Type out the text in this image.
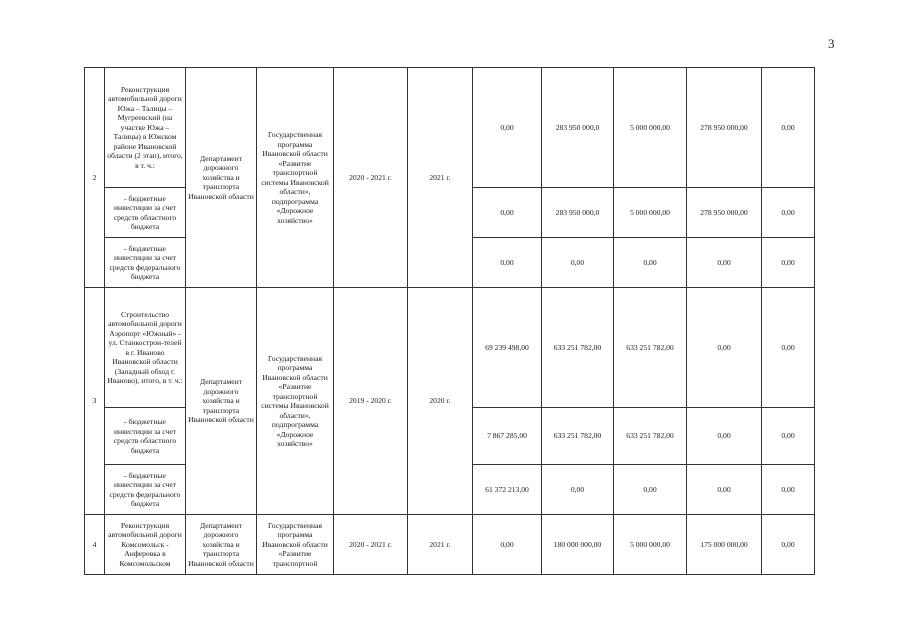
3
2	Реконструкция автомобильной дороги Южа – Талицы – Мугреевский (на участке Южа – Талицы) в Южском районе Ивановской области (2 этап), итого, в т. ч.:	Департамент дорожного хозяйства и транспорта Ивановской области	Государственная программа Ивановской области «Развитие транспортной системы Ивановской области», подпрограмма «Дорожное хозяйство»	2020 - 2021 г.	2021 г.	0,00	283 950 000,0	5 000 000,00	278 950 000,00	0,00

	- бюджетные инвестиции за счет средств областного бюджета					0,00	283 950 000,0	5 000 000,00	278 950 000,00	0,00

	- бюджетные инвестиции за счет средств федерального бюджета					0,00	0,00	0,00	0,00	0,00
3	Строительство автомобильной дороги Аэропорт «Южный» - ул. Станкострои-телей в г. Иваново Ивановской области (Западный обход г. Иваново), итого, в т. ч.:	Департамент дорожного хозяйства и транспорта Ивановской области	Государственная программа Ивановской области «Развитие транспортной системы Ивановской области», подпрограмма «Дорожное хозяйство»	2019 - 2020 г.	2020 г.	69 239 498,00	633 251 782,00	633 251 782,00	0,00	0,00

	- бюджетные инвестиции за счет средств областного бюджета					7 867 285,00	633 251 782,00	633 251 782,00	0,00	0,00

	- бюджетные инвестиции за счет средств федерального бюджета					61 372 213,00	0,00	0,00	0,00	0,00
4	Реконструкция автомобильной дороги Комсомольск - Анферовка в Комсомольском	Департамент дорожного хозяйства и транспорта Ивановской области	Государственная программа Ивановской области «Развитие транспортной	2020 - 2021 г.	2021 г.	0,00	180 000 000,00	5 000 000,00	175 000 000,00	0,00
